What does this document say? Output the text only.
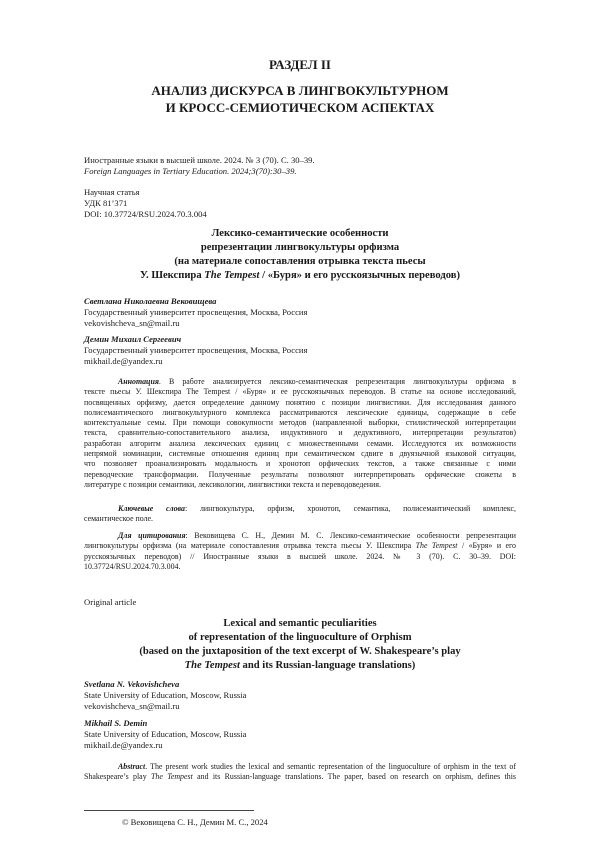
РАЗДЕЛ II
АНАЛИЗ ДИСКУРСА В ЛИНГВОКУЛЬТУРНОМ
И КРОСС-СЕМИОТИЧЕСКОМ АСПЕКТАХ
Иностранные языки в высшей школе. 2024. № 3 (70). С. 30–39.
Foreign Languages in Tertiary Education. 2024;3(70):30–39.
Научная статья
УДК 81’371
DOI: 10.37724/RSU.2024.70.3.004
Лексико-семантические особенности
репрезентации лингвокультуры орфизма
(на материале сопоставления отрывка текста пьесы
У. Шекспира The Tempest / «Буря» и его русскоязычных переводов)
Светлана Николаевна Вековищева
Государственный университет просвещения, Москва, Россия
vekovishcheva_sn@mail.ru
Демин Михаил Сергеевич
Государственный университет просвещения, Москва, Россия
mikhail.de@yandex.ru
Аннотация. В работе анализируется лексико-семантическая репрезентация лингвокультуры орфизма в
тексте пьесы У. Шекспира The Tempest / «Буря» и ее русскоязычных переводов. В статье на основе исследований,
посвященных орфизму, дается определение данному понятию с позиции лингвистики. Для исследования данного
полисемантического лингвокультурного комплекса рассматриваются лексические единицы, содержащие в себе
контекстуальные семы. При помощи совокупности методов (направленной выборки, стилистической интерпретации
текста, сравнительно-сопоставительного анализа, индуктивного и дедуктивного, интерпретации результатов)
разработан алгоритм анализа лексических единиц с множественными семами. Исследуются их возможности
непрямой номинации, системные отношения единиц при семантическом сдвиге в двуязычной языковой ситуации,
что позволяет проанализировать модальность и хронотоп орфических текстов, а также связанные с ними
переводческие трансформации. Полученные результаты позволяют интерпретировать орфические сюжеты в
литературе с позиции семантики, лексикологии, лингвистики текста и переводоведения.
Ключевые слова: лингвокультура, орфизм, хронотоп, семантика, полисемантический комплекс,
семантическое поле.
Для цитирования: Вековищева С. Н., Демин М. С. Лексико-семантические особенности репрезентации
лингвокультуры орфизма (на материале сопоставления отрывка текста пьесы У. Шекспира The Tempest / «Буря» и его
русскоязычных переводов) // Иностранные языки в высшей школе. 2024. № 3 (70). С. 30–39. DOI:
10.37724/RSU.2024.70.3.004.
Original article
Lexical and semantic peculiarities
of representation of the linguoculture of Orphism
(based on the juxtaposition of the text excerpt of W. Shakespeare’s play
The Tempest and its Russian-language translations)
Svetlana N. Vekovishcheva
State University of Education, Moscow, Russia
vekovishcheva_sn@mail.ru
Mikhail S. Demin
State University of Education, Moscow, Russia
mikhail.de@yandex.ru
Abstract. The present work studies the lexical and semantic representation of the linguoculture of orphism in the text of
Shakespeare’s play The Tempest and its Russian-language translations. The paper, based on research on orphism, defines this
© Вековищева С. Н., Демин М. С., 2024
